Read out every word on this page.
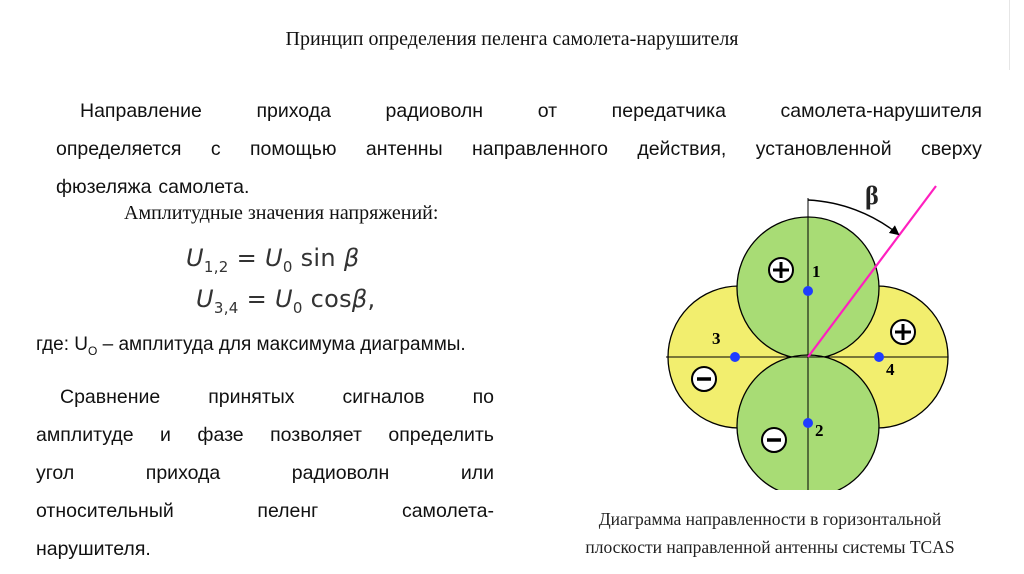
Принцип определения пеленга самолета-нарушителя
Направление	прихода	радиоволн	от	передатчика	самолета-нарушителя
определяется с помощью антенны направленного действия, установленной сверху
фюзеляжа самолета.
Амплитудные значения напряжений:
$U_{1,2} = U_0$ sin β
$U_{3,4} = U_0$ cosβ,
где: $U_O$ – амплитуда для максимума диаграммы.
Сравнение принятых сигналов по
амплитуде и фазе позволяет определить
угол	прихода	радиоволн	или
относительный	пеленг	самолета-
нарушителя.
β
1
2
3
4
Диаграмма направленности в горизонтальной
плоскости направленной антенны системы TCAS
